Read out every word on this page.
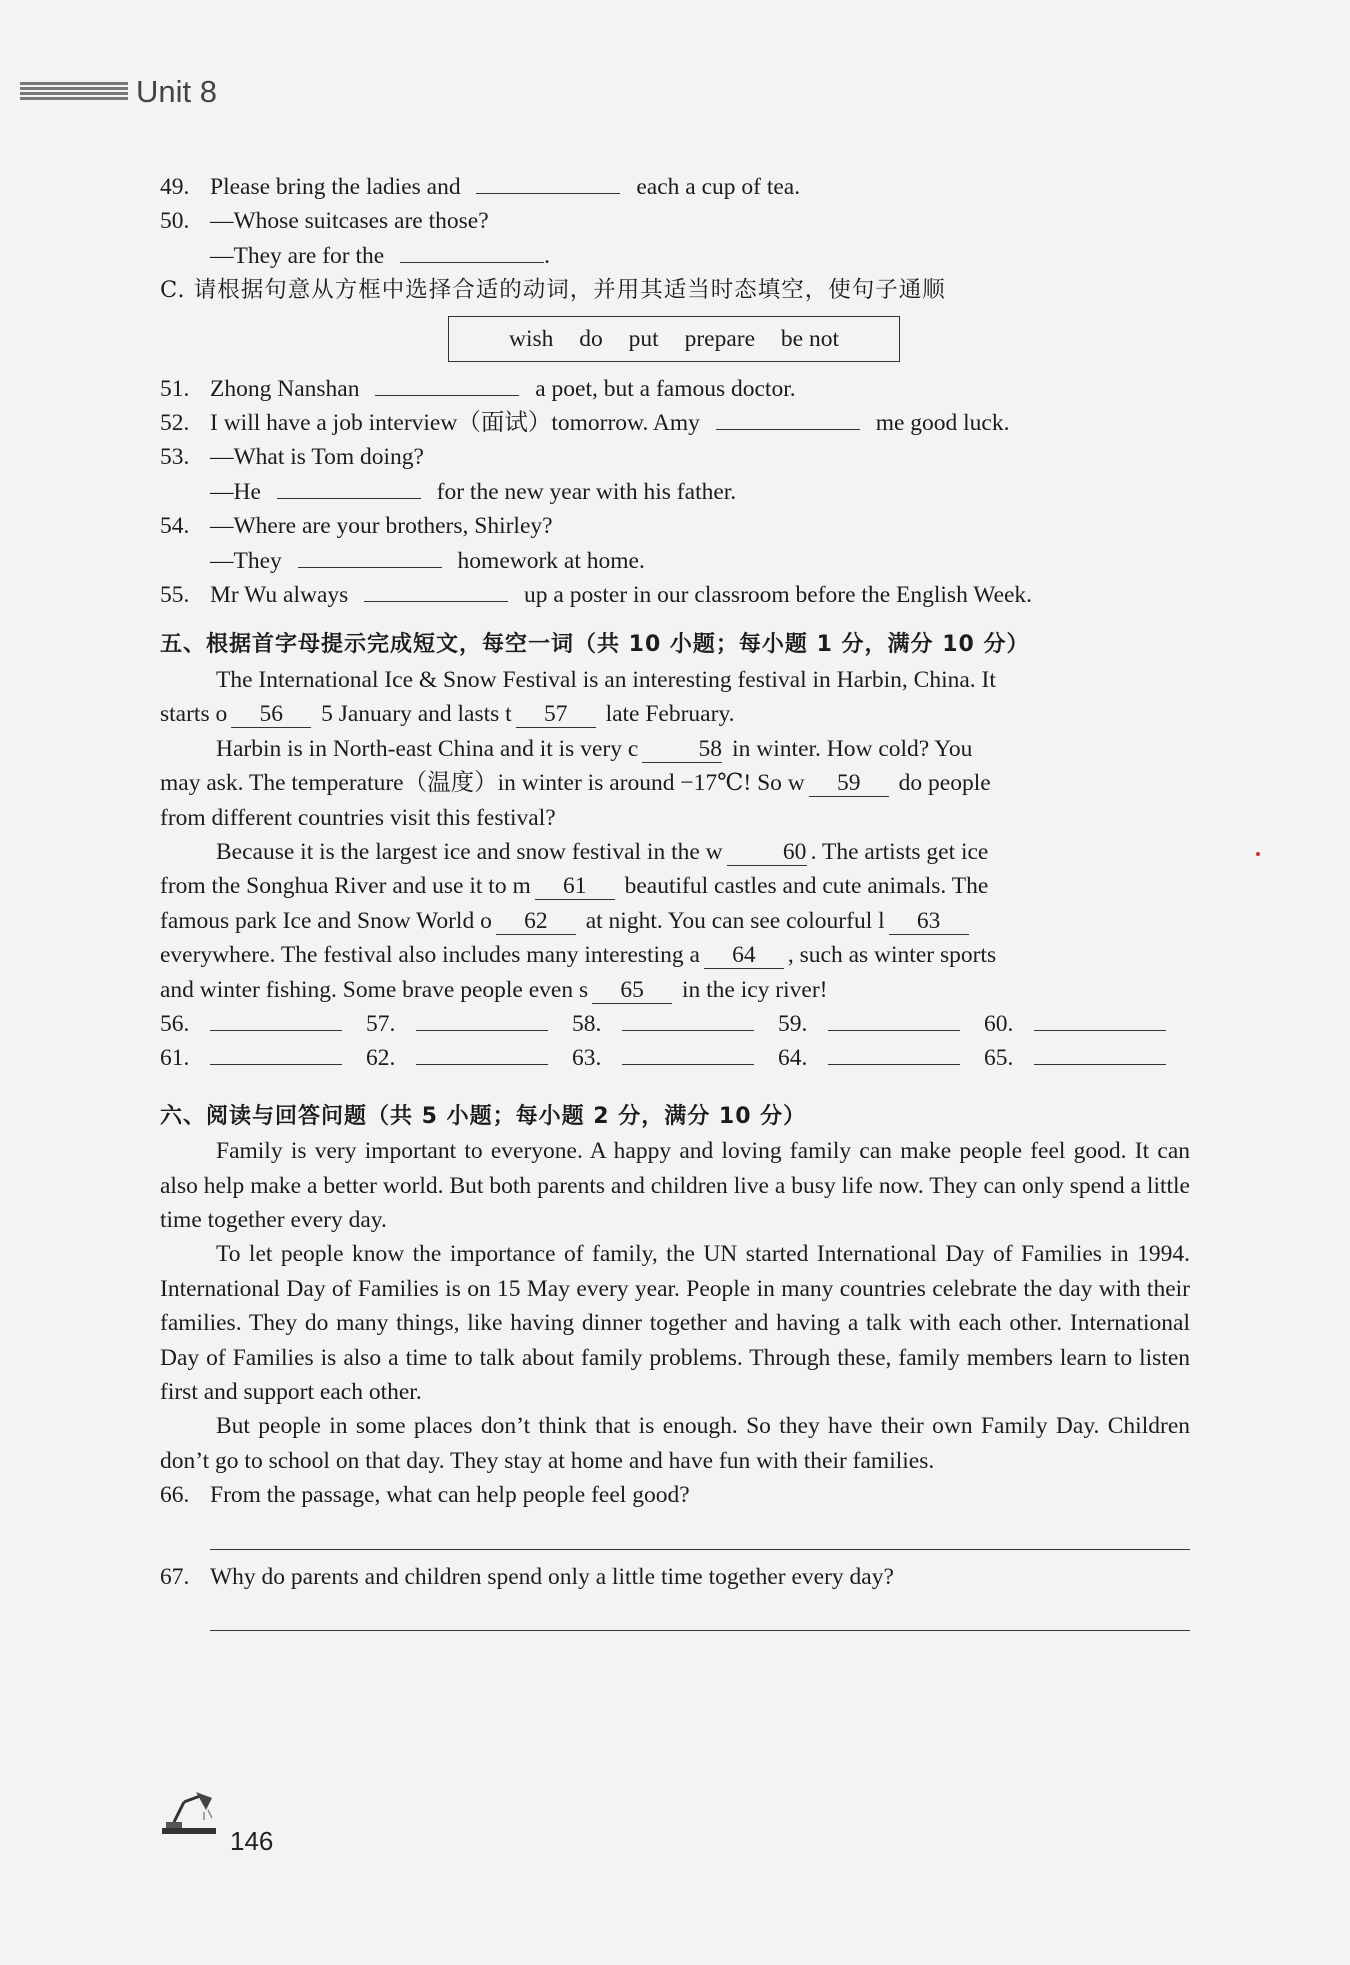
Unit 8
49. Please bring the ladies and	each a cup of tea.
50. —Whose suitcases are those?
—They are for the	.
C. 请根据句意从方框中选择合适的动词，并用其适当时态填空，使句子通顺
wish do put prepare be not
51. Zhong Nanshan	a poet, but a famous doctor.
52. I will have a job interview（面试）tomorrow. Amy	me good luck.
53. —What is Tom doing?
—He	for the new year with his father.
54. —Where are your brothers, Shirley?
—They	homework at home.
55. Mr Wu always	up a poster in our classroom before the English Week.
五、根据首字母提示完成短文，每空一词（共 10 小题；每小题 1 分，满分 10 分）
The International Ice & Snow Festival is an interesting festival in Harbin, China. It
starts o 56 5 January and lasts t 57 late February.
Harbin is in North-east China and it is very c	58 in winter. How cold? You
may ask. The temperature（温度）in winter is around −17℃! So w 59 do people
from different countries visit this festival?
Because it is the largest ice and snow festival in the w	60 . The artists get ice
from the Songhua River and use it to m 61 beautiful castles and cute animals. The
famous park Ice and Snow World o 62 at night. You can see colourful l 63
everywhere. The festival also includes many interesting a 64 , such as winter sports
and winter fishing. Some brave people even s 65 in the icy river!
56.	57.	58.	59.	60.
61.	62.	63.	64.	65.
六、阅读与回答问题（共 5 小题；每小题 2 分，满分 10 分）
Family is very important to everyone. A happy and loving family can make people feel good. It can also help make a better world. But both parents and children live a busy life now. They can only spend a little time together every day.
To let people know the importance of family, the UN started International Day of Families in 1994. International Day of Families is on 15 May every year. People in many countries celebrate the day with their families. They do many things, like having dinner together and having a talk with each other. International Day of Families is also a time to talk about family problems. Through these, family members learn to listen first and support each other.
But people in some places don’t think that is enough. So they have their own Family Day. Children don’t go to school on that day. They stay at home and have fun with their families.
66. From the passage, what can help people feel good?
67. Why do parents and children spend only a little time together every day?
146
